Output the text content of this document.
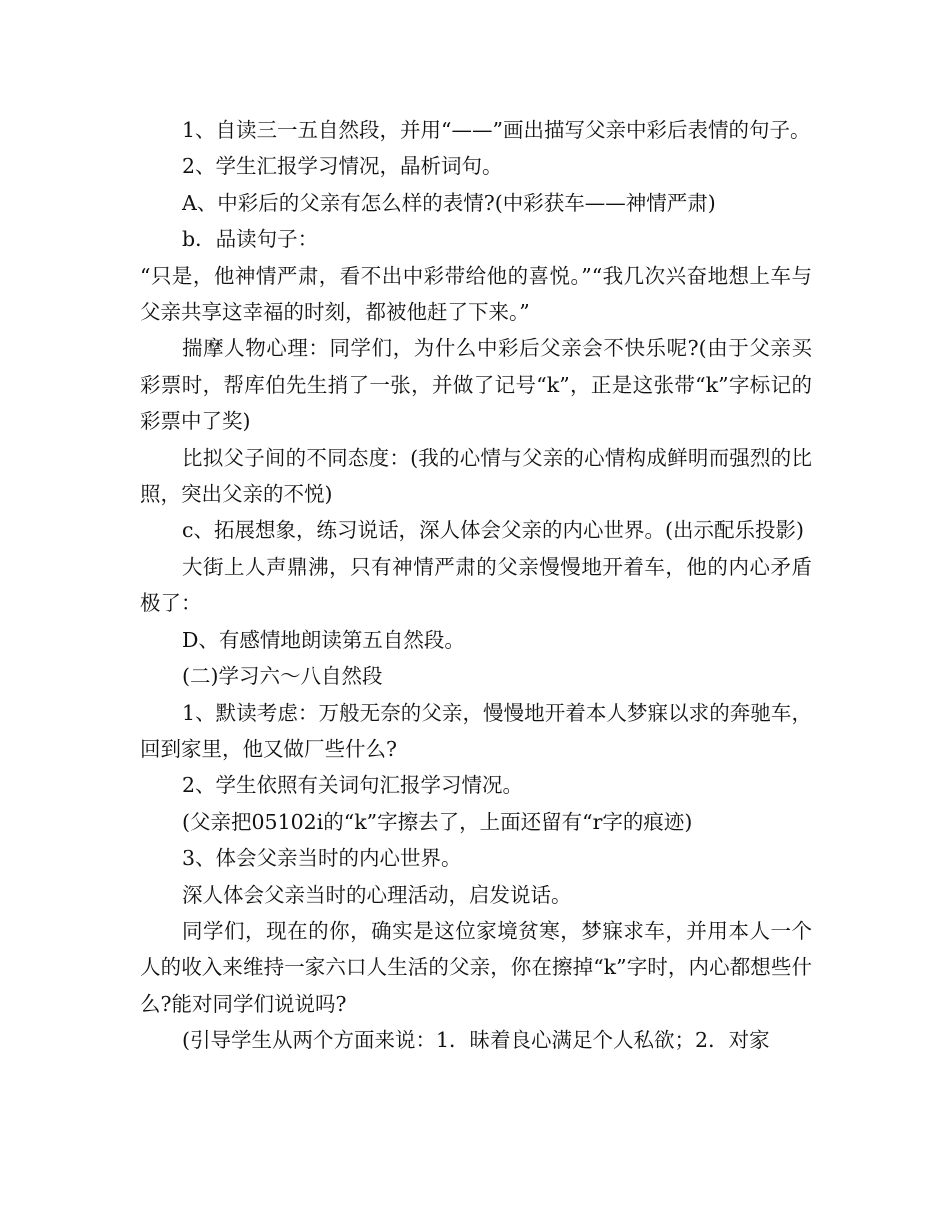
1、自读三一五自然段，并用“——”画出描写父亲中彩后表情的句子。

2、学生汇报学习情况，晶析词句。

A、中彩后的父亲有怎么样的表情?(中彩获车——神情严肃)

b．品读句子：

“只是，他神情严肃，看不出中彩带给他的喜悦。”“我几次兴奋地想上车与父亲共享这幸福的时刻，都被他赶了下来。”

揣摩人物心理：同学们，为什么中彩后父亲会不快乐呢?(由于父亲买彩票时，帮库伯先生捎了一张，并做了记号“k”，正是这张带“k”字标记的彩票中了奖)

比拟父子间的不同态度：(我的心情与父亲的心情构成鲜明而强烈的比照，突出父亲的不悦)

c、拓展想象，练习说话，深人体会父亲的内心世界。(出示配乐投影)

大街上人声鼎沸，只有神情严肃的父亲慢慢地开着车，他的内心矛盾极了：

D、有感情地朗读第五自然段。

(二)学习六～八自然段

1、默读考虑：万般无奈的父亲，慢慢地开着本人梦寐以求的奔驰车，回到家里，他又做厂些什么?

2、学生依照有关词句汇报学习情况。

(父亲把05102i的“k”字擦去了，上面还留有“r字的痕迹)

3、体会父亲当时的内心世界。

深人体会父亲当时的心理活动，启发说话。

同学们，现在的你，确实是这位家境贫寒，梦寐求车，并用本人一个人的收入来维持一家六口人生活的父亲，你在擦掉“k”字时，内心都想些什么?能对同学们说说吗?

(引导学生从两个方面来说：1．昧着良心满足个人私欲；2．对家
